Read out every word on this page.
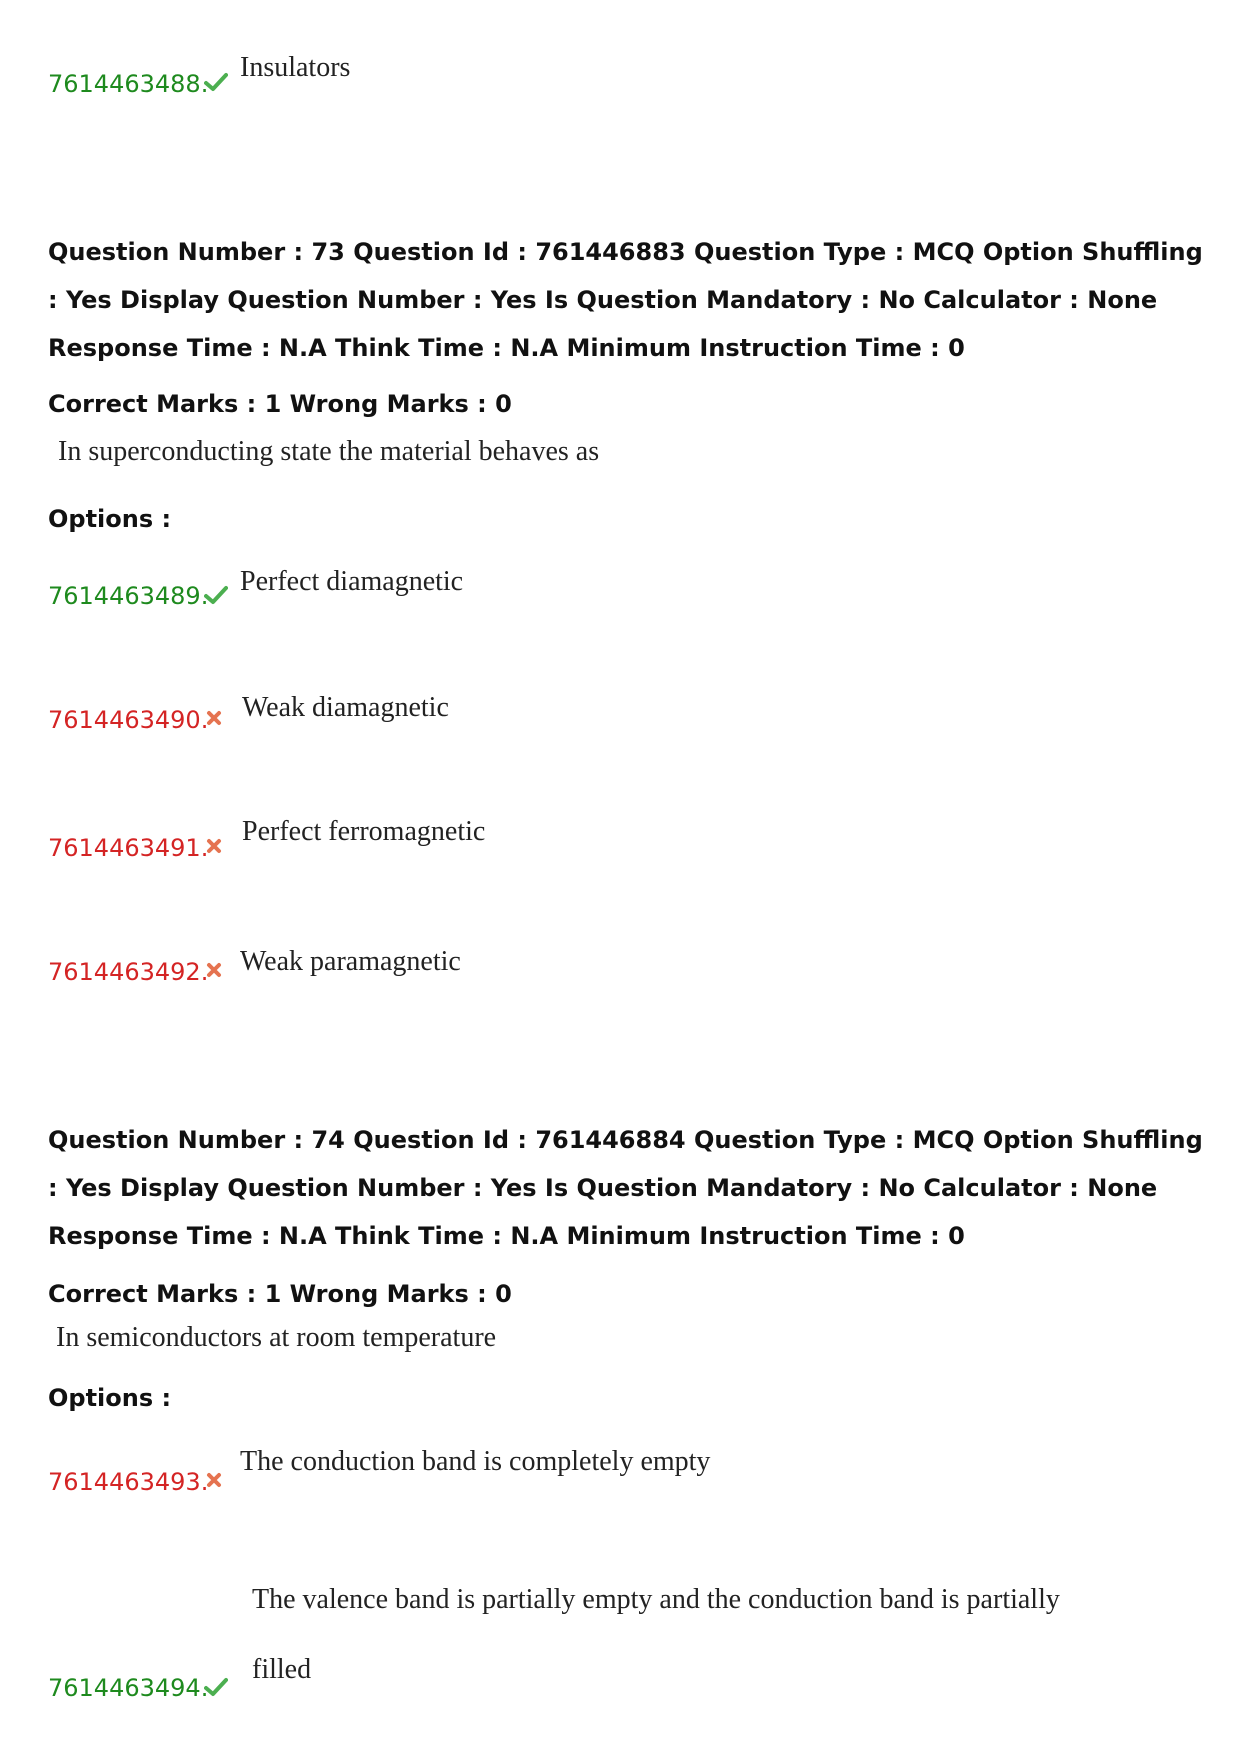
7614463488.
Insulators

Question Number : 73 Question Id : 761446883 Question Type : MCQ Option Shuffling : Yes Display Question Number : Yes Is Question Mandatory : No Calculator : None Response Time : N.A Think Time : N.A Minimum Instruction Time : 0

Correct Marks : 1 Wrong Marks : 0
In superconducting state the material behaves as
Options :
7614463489. Perfect diamagnetic
7614463490. Weak diamagnetic
7614463491.
Perfect ferromagnetic
7614463492. Weak paramagnetic

Question Number : 74 Question Id : 761446884 Question Type : MCQ Option Shuffling : Yes Display Question Number : Yes Is Question Mandatory : No Calculator : None Response Time : N.A Think Time : N.A Minimum Instruction Time : 0

Correct Marks : 1 Wrong Marks : 0
In semiconductors at room temperature
Options :
7614463493.
The conduction band is completely empty
The valence band is partially empty and the conduction band is partially
filled
7614463494.
